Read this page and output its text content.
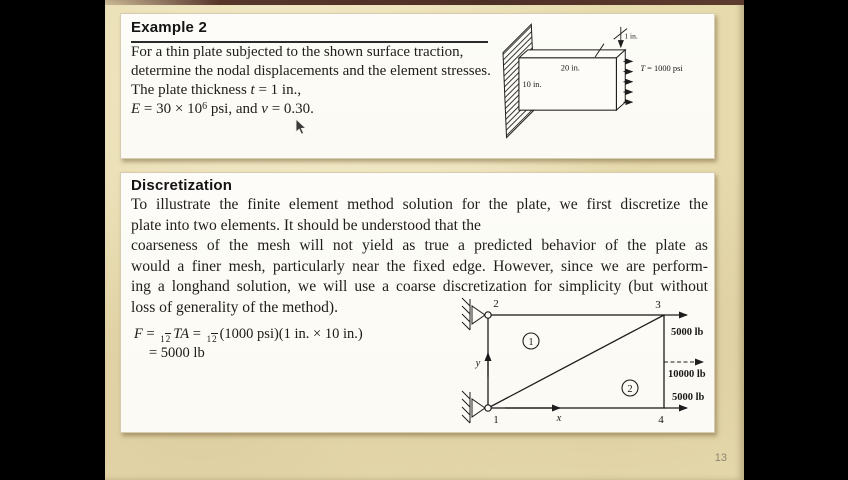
Example 2
For a thin plate subjected to the shown surface traction,
determine the nodal displacements and the element stresses.
The plate thickness t = 1 in.,
$E = 30 \times 10^6$ psi, and v = 0.30.
1 in.
20 in.
10 in.
T = 1000 psi
Discretization
To illustrate the finite element method solution for the plate, we first discretize the
plate into two elements. It should be understood that the
coarseness of the mesh will not yield as true a predicted behavior of the plate as
would a finer mesh, particularly near the fixed edge. However, since we are perform-
ing a longhand solution, we will use a coarse discretization for simplicity (but without
loss of generality of the method).
F = 12 TA = 12 (1000 psi)(1 in. × 10 in.)
= 5000 lb
y
x
1
2
2	3
1	4
5000 lb
10000 lb
5000 lb
13
